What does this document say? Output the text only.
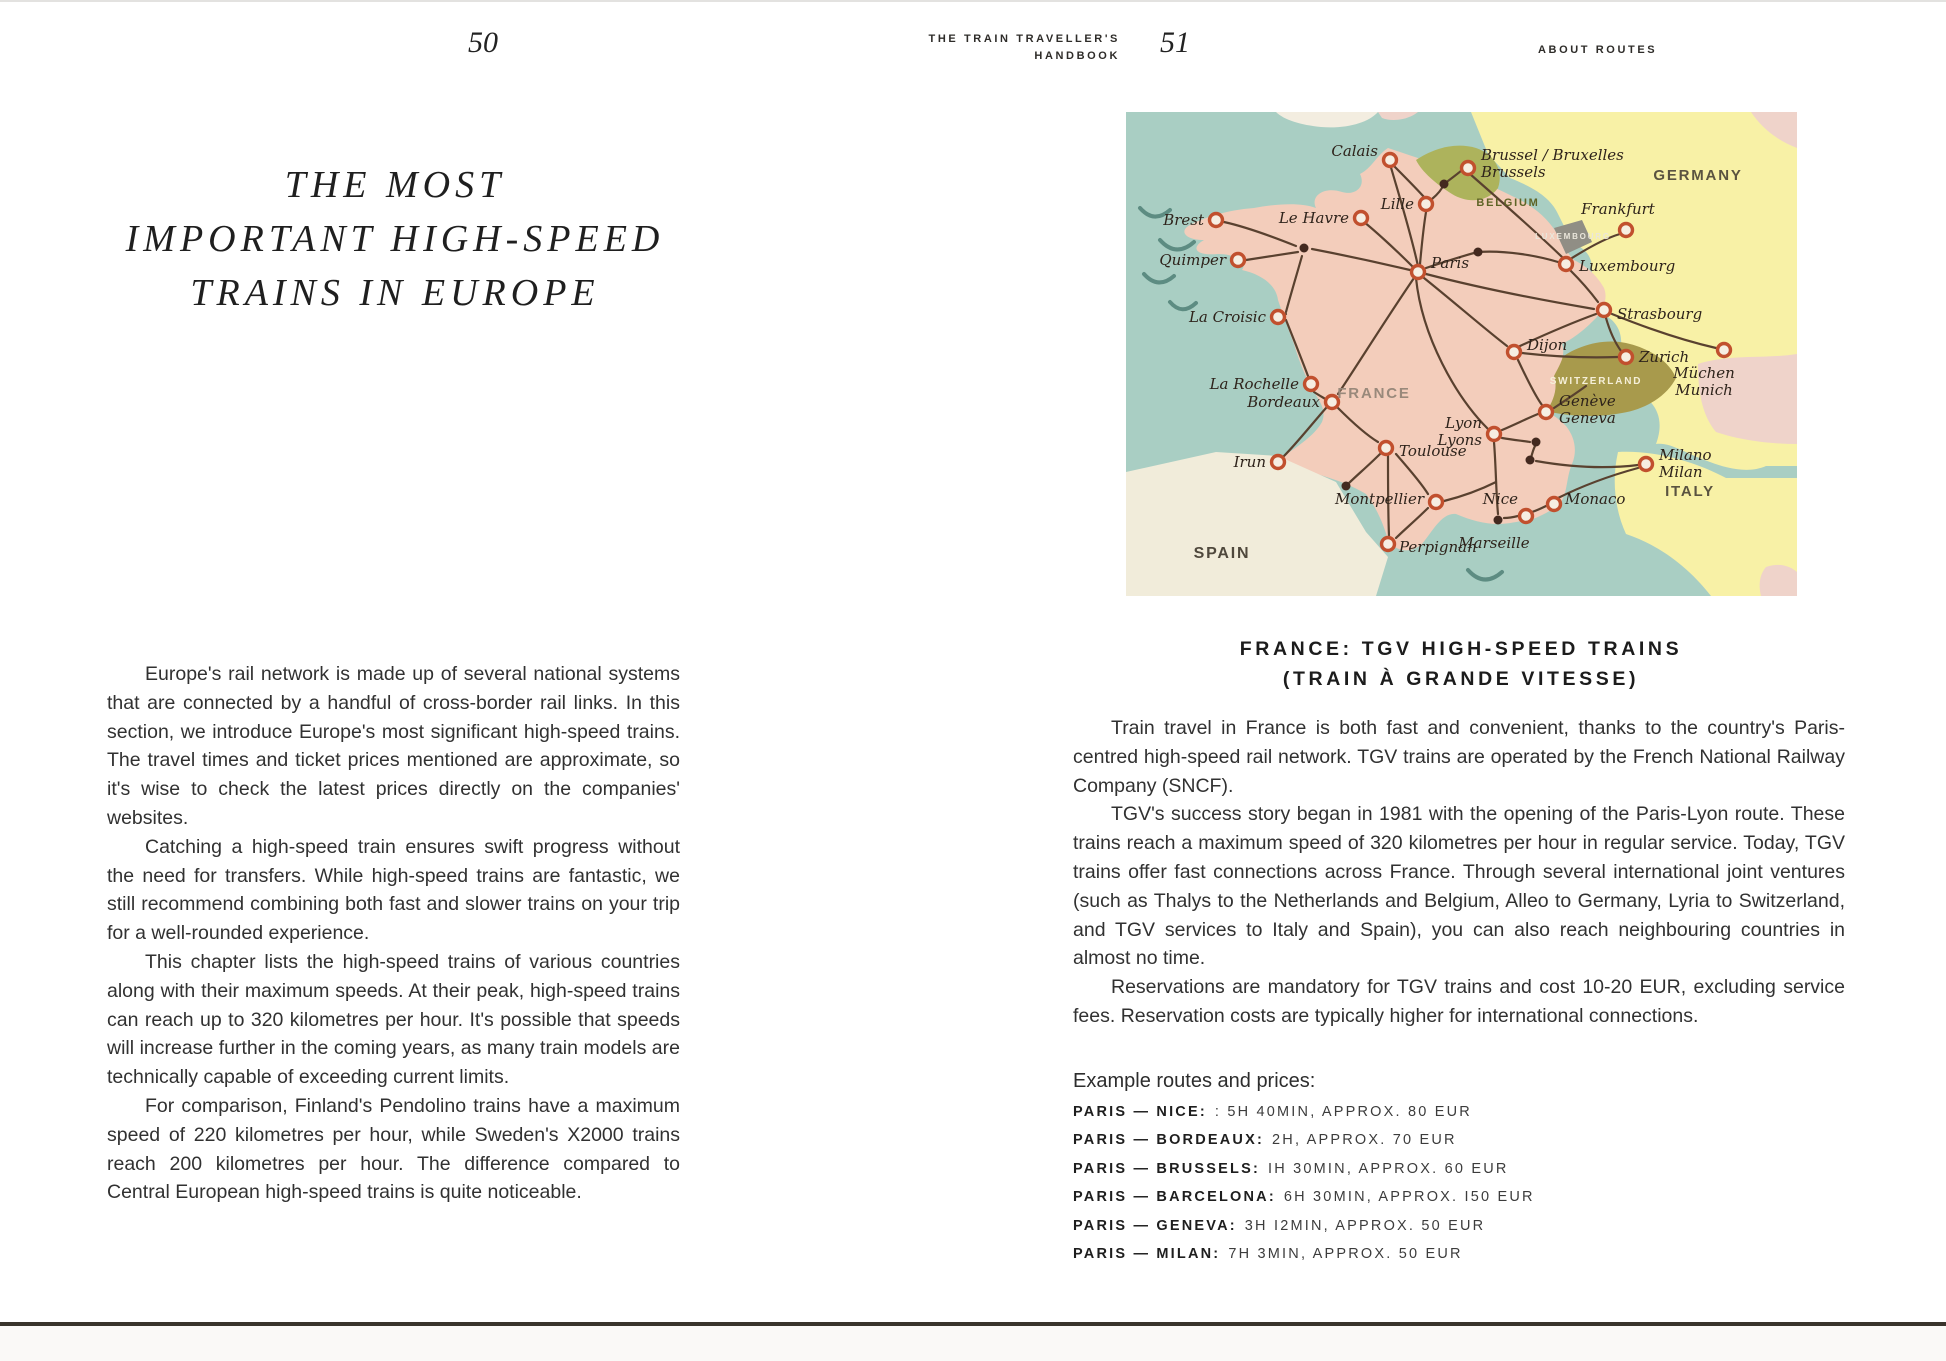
50	THE TRAIN TRAVELLER'S
HANDBOOK 51	ABOUT ROUTES
THE MOST
IMPORTANT HIGH-SPEED
TRAINS IN EUROPE

Europe's rail network is made up of several national systems that are connected by a handful of cross-border rail links. In this section, we introduce Europe's most significant high-speed trains. The travel times and ticket prices mentioned are approximate, so it's wise to check the latest prices directly on the companies' websites.

Catching a high-speed train ensures swift progress without the need for transfers. While high-speed trains are fantastic, we still recommend combining both fast and slower trains on your trip for a well-rounded experience.

This chapter lists the high-speed trains of various countries along with their maximum speeds. At their peak, high-speed trains can reach up to 320 kilometres per hour. It's possible that speeds will increase further in the coming years, as many train models are technically capable of exceeding current limits.

For comparison, Finland's Pendolino trains have a maximum speed of 220 kilometres per hour, while Sweden's X2000 trains reach 200 kilometres per hour. The difference compared to Central European high-speed trains is quite noticeable.

Calais
Lille
Brussel / Bruxelles Brussels
Le Havre
Brest
Quimper	Paris	Luxembourg
Frankfurt
La Croisic	Strasbourg
Dijon
La Rochelle
Zurich
Müchen Munich
Genève Geneva
Lyon Lyons
Milano Milan
Bordeaux
Irun
Toulouse
Montpellier	Nice	Monaco
Perpignan
Marseille
GERMANY
BELGIUM
LUXEMBOURG
FRANCE
SWITZERLAND
SPAIN
ITALY
FRANCE: TGV HIGH-SPEED TRAINS
(TRAIN À GRANDE VITESSE)

Train travel in France is both fast and convenient, thanks to the country's Paris-centred high-speed rail network. TGV trains are operated by the French National Railway Company (SNCF).

TGV's success story began in 1981 with the opening of the Paris-Lyon route. These trains reach a maximum speed of 320 kilometres per hour in regular service. Today, TGV trains offer fast connections across France. Through several international joint ventures (such as Thalys to the Netherlands and Belgium, Alleo to Germany, Lyria to Switzerland, and TGV services to Italy and Spain), you can also reach neighbouring countries in almost no time.

Reservations are mandatory for TGV trains and cost 10-20 EUR, excluding service fees. Reservation costs are typically higher for international connections.

Example routes and prices:
PARIS — NICE: : 5H 40MIN, APPROX. 80 EUR
PARIS — BORDEAUX: 2H, APPROX. 70 EUR
PARIS — BRUSSELS: IH 30MIN, APPROX. 60 EUR
PARIS — BARCELONA: 6H 30MIN, APPROX. I50 EUR
PARIS — GENEVA: 3H I2MIN, APPROX. 50 EUR
PARIS — MILAN: 7H 3MIN, APPROX. 50 EUR
